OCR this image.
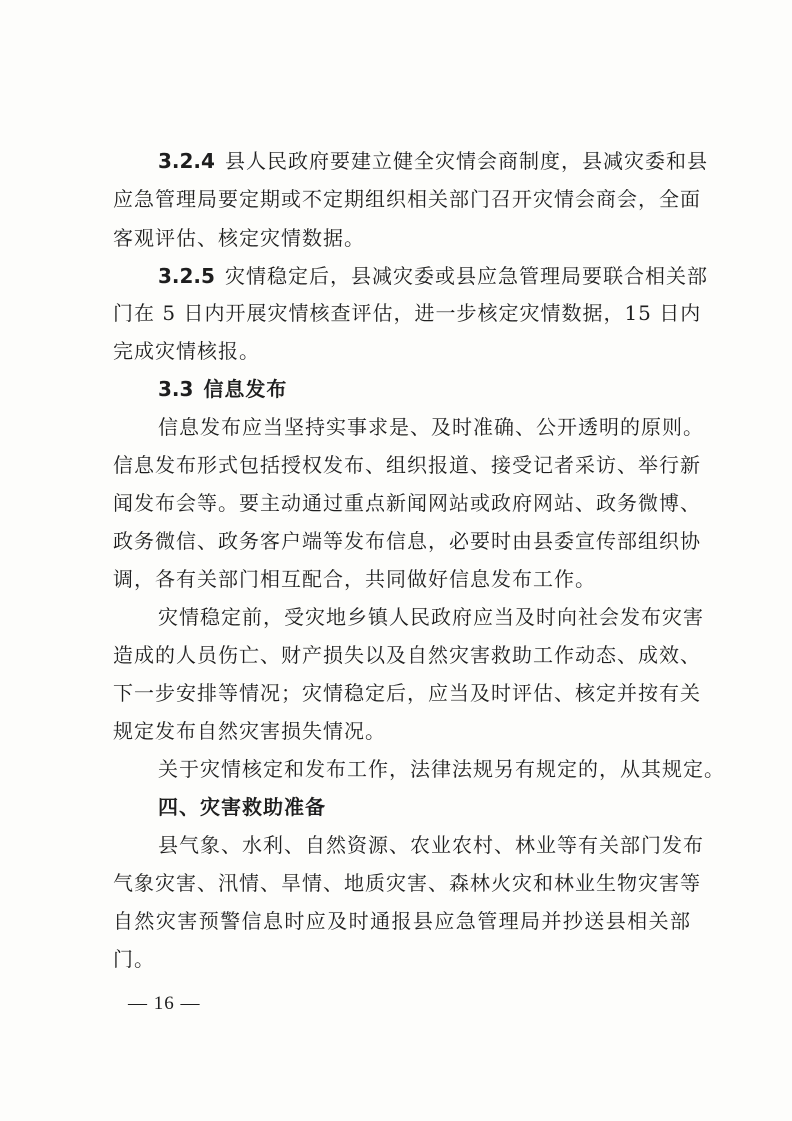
3.2.4 县人民政府要建立健全灾情会商制度，县减灾委和县
应急管理局要定期或不定期组织相关部门召开灾情会商会，全面
客观评估、核定灾情数据。
3.2.5 灾情稳定后，县减灾委或县应急管理局要联合相关部
门在 5 日内开展灾情核查评估，进一步核定灾情数据，15 日内
完成灾情核报。
3.3 信息发布
信息发布应当坚持实事求是、及时准确、公开透明的原则。
信息发布形式包括授权发布、组织报道、接受记者采访、举行新
闻发布会等。要主动通过重点新闻网站或政府网站、政务微博、
政务微信、政务客户端等发布信息，必要时由县委宣传部组织协
调，各有关部门相互配合，共同做好信息发布工作。
灾情稳定前，受灾地乡镇人民政府应当及时向社会发布灾害
造成的人员伤亡、财产损失以及自然灾害救助工作动态、成效、
下一步安排等情况；灾情稳定后，应当及时评估、核定并按有关
规定发布自然灾害损失情况。
关于灾情核定和发布工作，法律法规另有规定的，从其规定。
四、灾害救助准备
县气象、水利、自然资源、农业农村、林业等有关部门发布
气象灾害、汛情、旱情、地质灾害、森林火灾和林业生物灾害等
自然灾害预警信息时应及时通报县应急管理局并抄送县相关部
门。
— 16 —
